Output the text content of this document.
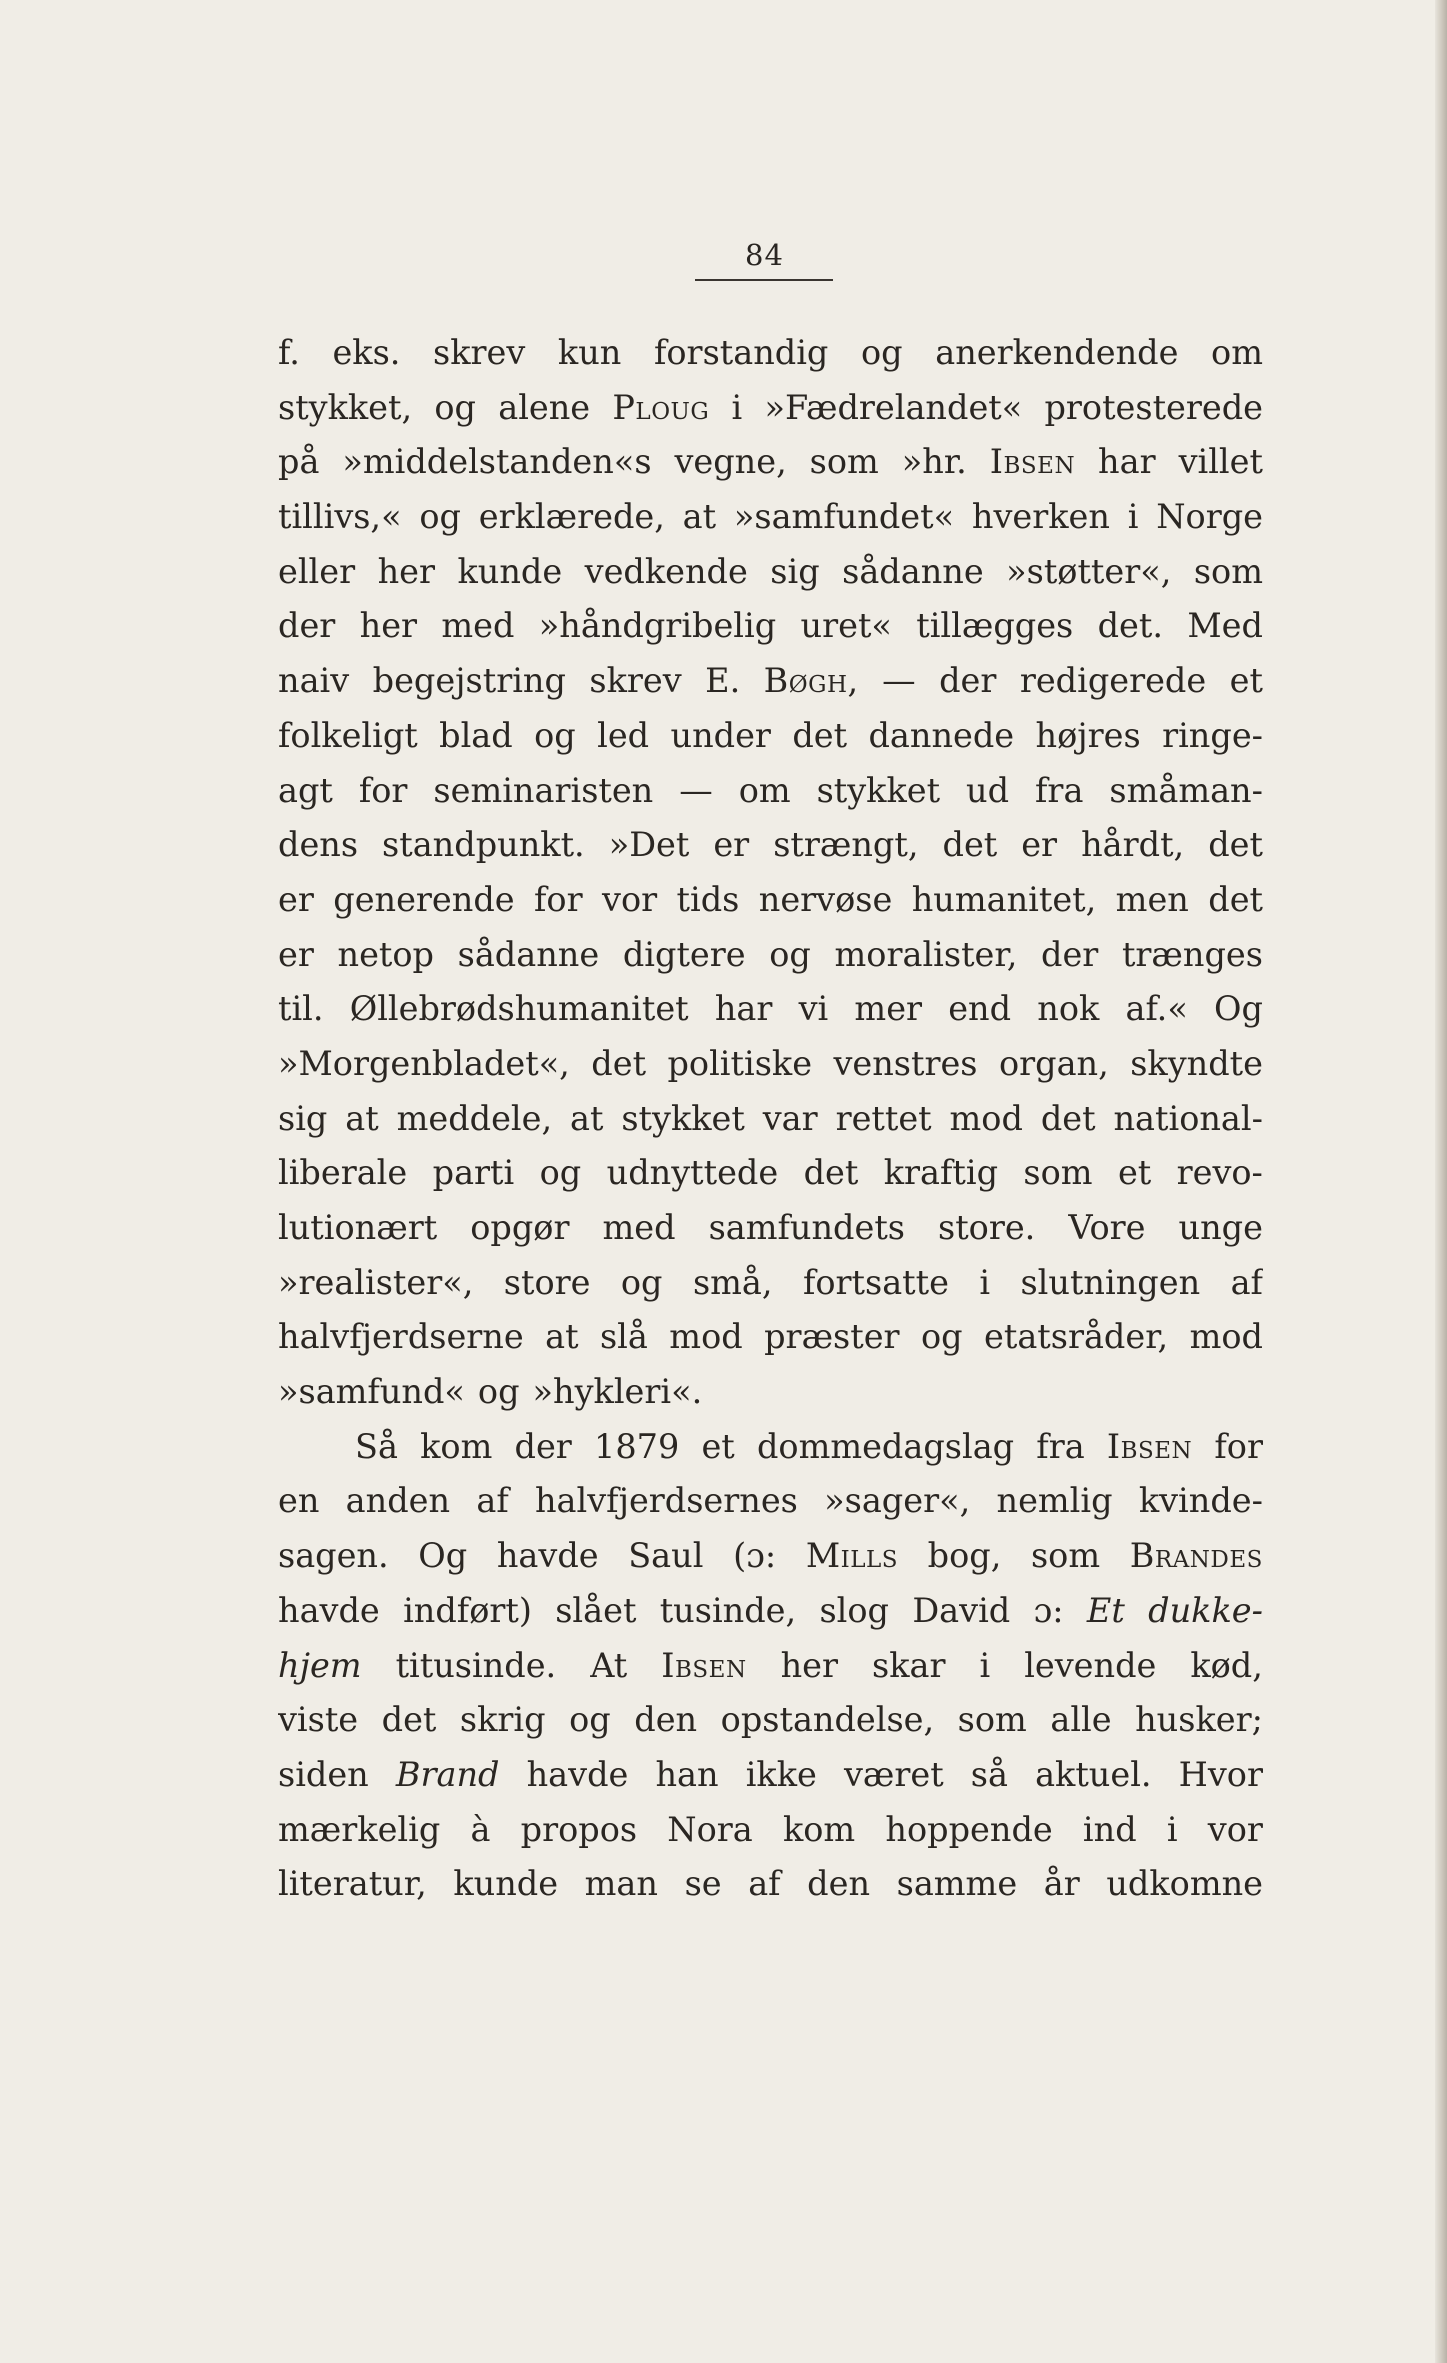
84
f. eks. skrev kun forstandig og anerkendende om
stykket, og alene Ploug i »Fædrelandet« protesterede
på »middelstanden«s vegne, som »hr. Ibsen har villet
tillivs,« og erklærede, at »samfundet« hverken i Norge
eller her kunde vedkende sig sådanne »støtter«, som
der her med »håndgribelig uret« tillægges det. Med
naiv begejstring skrev E. Bøgh, — der redigerede et
folkeligt blad og led under det dannede højres ringe-
agt for seminaristen — om stykket ud fra småman-
dens standpunkt. »Det er strængt, det er hårdt, det
er generende for vor tids nervøse humanitet, men det
er netop sådanne digtere og moralister, der trænges
til. Øllebrødshumanitet har vi mer end nok af.« Og
»Morgenbladet«, det politiske venstres organ, skyndte
sig at meddele, at stykket var rettet mod det national-
liberale parti og udnyttede det kraftig som et revo-
lutionært opgør med samfundets store. Vore unge
»realister«, store og små, fortsatte i slutningen af
halvfjerdserne at slå mod præster og etatsråder, mod
»samfund« og »hykleri«.
Så kom der 1879 et dommedagslag fra Ibsen for
en anden af halvfjerdsernes »sager«, nemlig kvinde-
sagen. Og havde Saul (ɔ: Mills bog, som Brandes
havde indført) slået tusinde, slog David ɔ: Et dukke-
hjem titusinde. At Ibsen her skar i levende kød,
viste det skrig og den opstandelse, som alle husker;
siden Brand havde han ikke været så aktuel. Hvor
mærkelig à propos Nora kom hoppende ind i vor
literatur, kunde man se af den samme år udkomne
